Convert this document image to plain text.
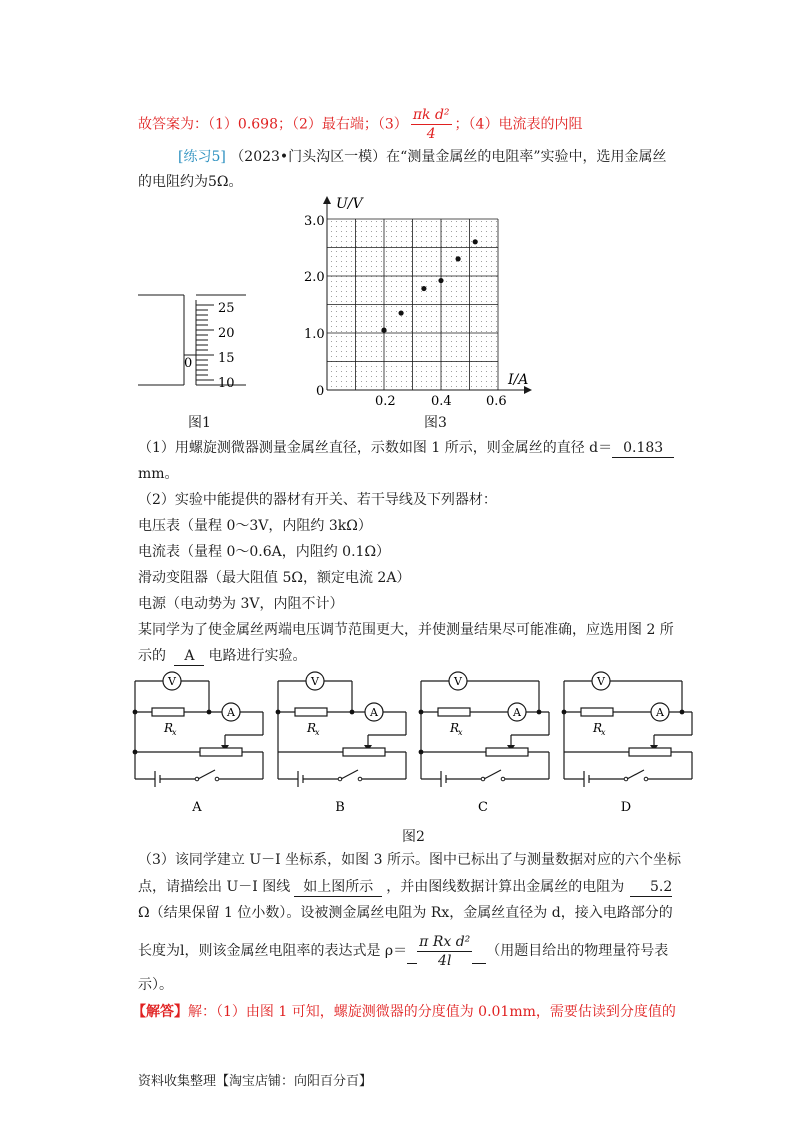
故答案为：（1）0.698；（2）最右端；$(3) \frac{\text{πk d²}}{4}$ ；（4）电流表的内阻
[练习5] （2023•门头沟区一模）在“测量金属丝的电阻率”实验中，选用金属丝
的电阻约为5Ω。
25
20
15
10
0
图1
U/V
I/A
3.0
2.0
1.0
0
0.2	0.4	0.6
图3
（1）用螺旋测微器测量金属丝直径，示数如图 1 所示，则金属丝的直径 d＝ 0.183
mm。
（2）实验中能提供的器材有开关、若干导线及下列器材：
电压表（量程 0～3V，内阻约 3kΩ）
电流表（量程 0～0.6A，内阻约 0.1Ω）
滑动变阻器（最大阻值 5Ω，额定电流 2A）
电源（电动势为 3V，内阻不计）
某同学为了使金属丝两端电压调节范围更大，并使测量结果尽可能准确，应选用图 2 所
示的 A 电路进行实验。
V
R
x
A
A
V
R
x
A
B
V
R
x
A
C
V
R
x
A
D
图2
（3）该同学建立 U－I 坐标系，如图 3 所示。图中已标出了与测量数据对应的六个坐标
点，请描绘出 U－I 图线 如上图所示 ，并由图线数据计算出金属丝的电阻为 5.2
Ω（结果保留 1 位小数）。设被测金属丝电阻为 Rx，金属丝直径为 d，接入电路部分的
长度为l，则该金属丝电阻率的表达式是 $\rho= \frac{\text{π Rx d²}}{4l}$ （用题目给出的物理量符号表
示）。
【解答】解：（1）由图 1 可知，螺旋测微器的分度值为 0.01mm，需要估读到分度值的
资料收集整理【淘宝店铺：向阳百分百】
